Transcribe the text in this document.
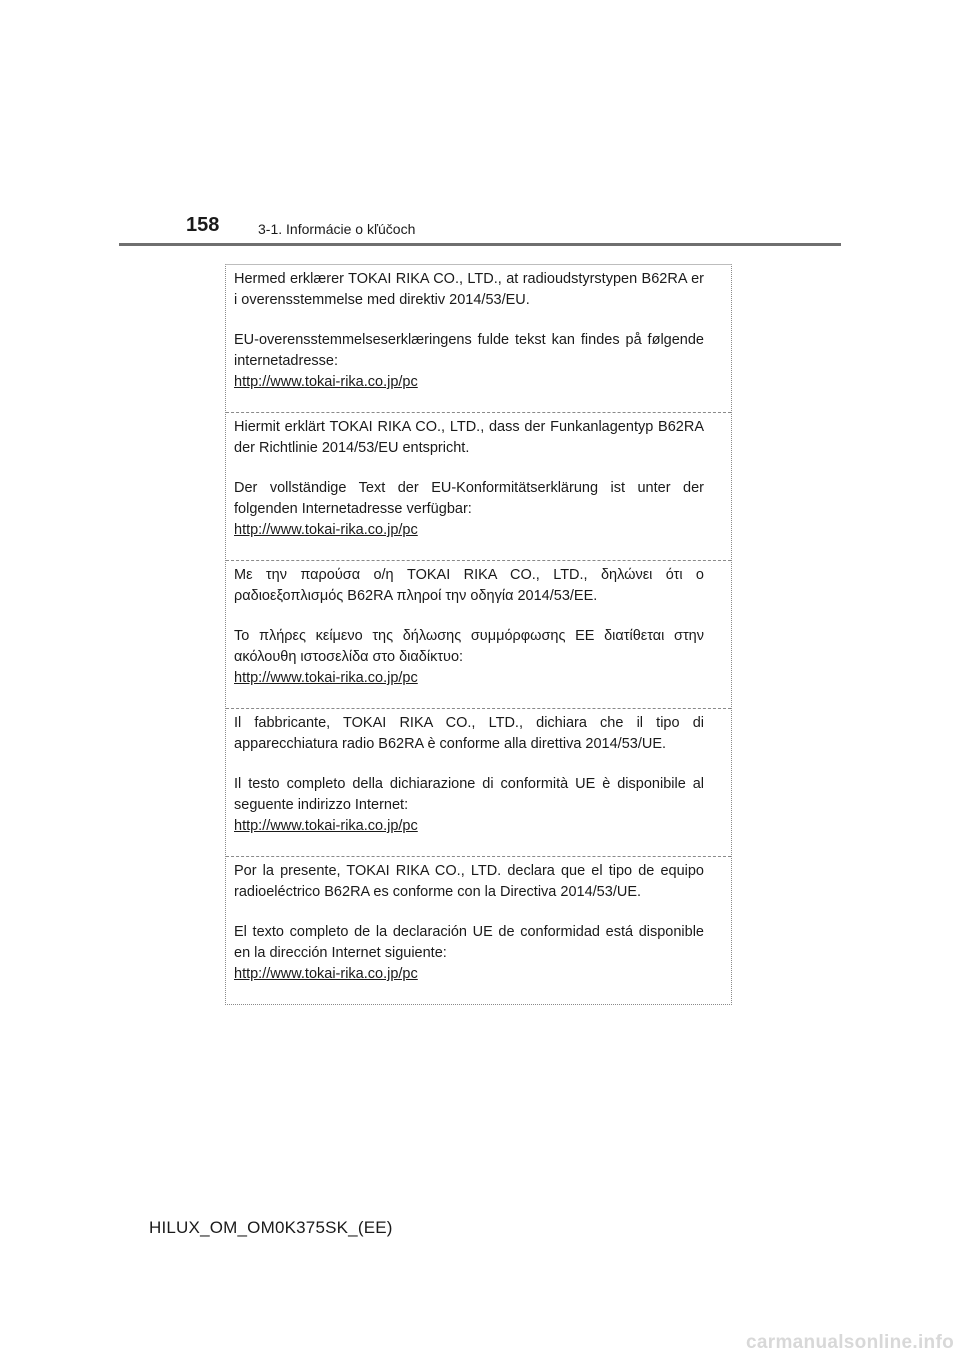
158	3-1. Informácie o kľúčoch

Hermed erklærer TOKAI RIKA CO., LTD., at radioudstyrstypen B62RA er i overensstemmelse med direktiv 2014/53/EU.

EU-overensstemmelseserklæringens fulde tekst kan findes på følgende internetadresse:

http://www.tokai-rika.co.jp/pc

Hiermit erklärt TOKAI RIKA CO., LTD., dass der Funkanlagentyp B62RA der Richtlinie 2014/53/EU entspricht.

Der vollständige Text der EU-Konformitätserklärung ist unter der folgenden Internetadresse verfügbar:

http://www.tokai-rika.co.jp/pc

Με την παρούσα ο/η TOKAI RIKA CO., LTD., δηλώνει ότι ο ραδιοεξοπλισμός B62RA πληροί την οδηγία 2014/53/ΕΕ.

Το πλήρες κείμενο της δήλωσης συμμόρφωσης ΕΕ διατίθεται στην ακόλουθη ιστοσελίδα στο διαδίκτυο:

http://www.tokai-rika.co.jp/pc

Il fabbricante, TOKAI RIKA CO., LTD., dichiara che il tipo di apparecchiatura radio B62RA è conforme alla direttiva 2014/53/UE.

Il testo completo della dichiarazione di conformità UE è disponibile al seguente indirizzo Internet:

http://www.tokai-rika.co.jp/pc

Por la presente, TOKAI RIKA CO., LTD. declara que el tipo de equipo radioeléctrico B62RA es conforme con la Directiva 2014/53/UE.

El texto completo de la declaración UE de conformidad está disponible en la dirección Internet siguiente:

http://www.tokai-rika.co.jp/pc
HILUX_OM_OM0K375SK_(EE)
carmanualsonline.info
